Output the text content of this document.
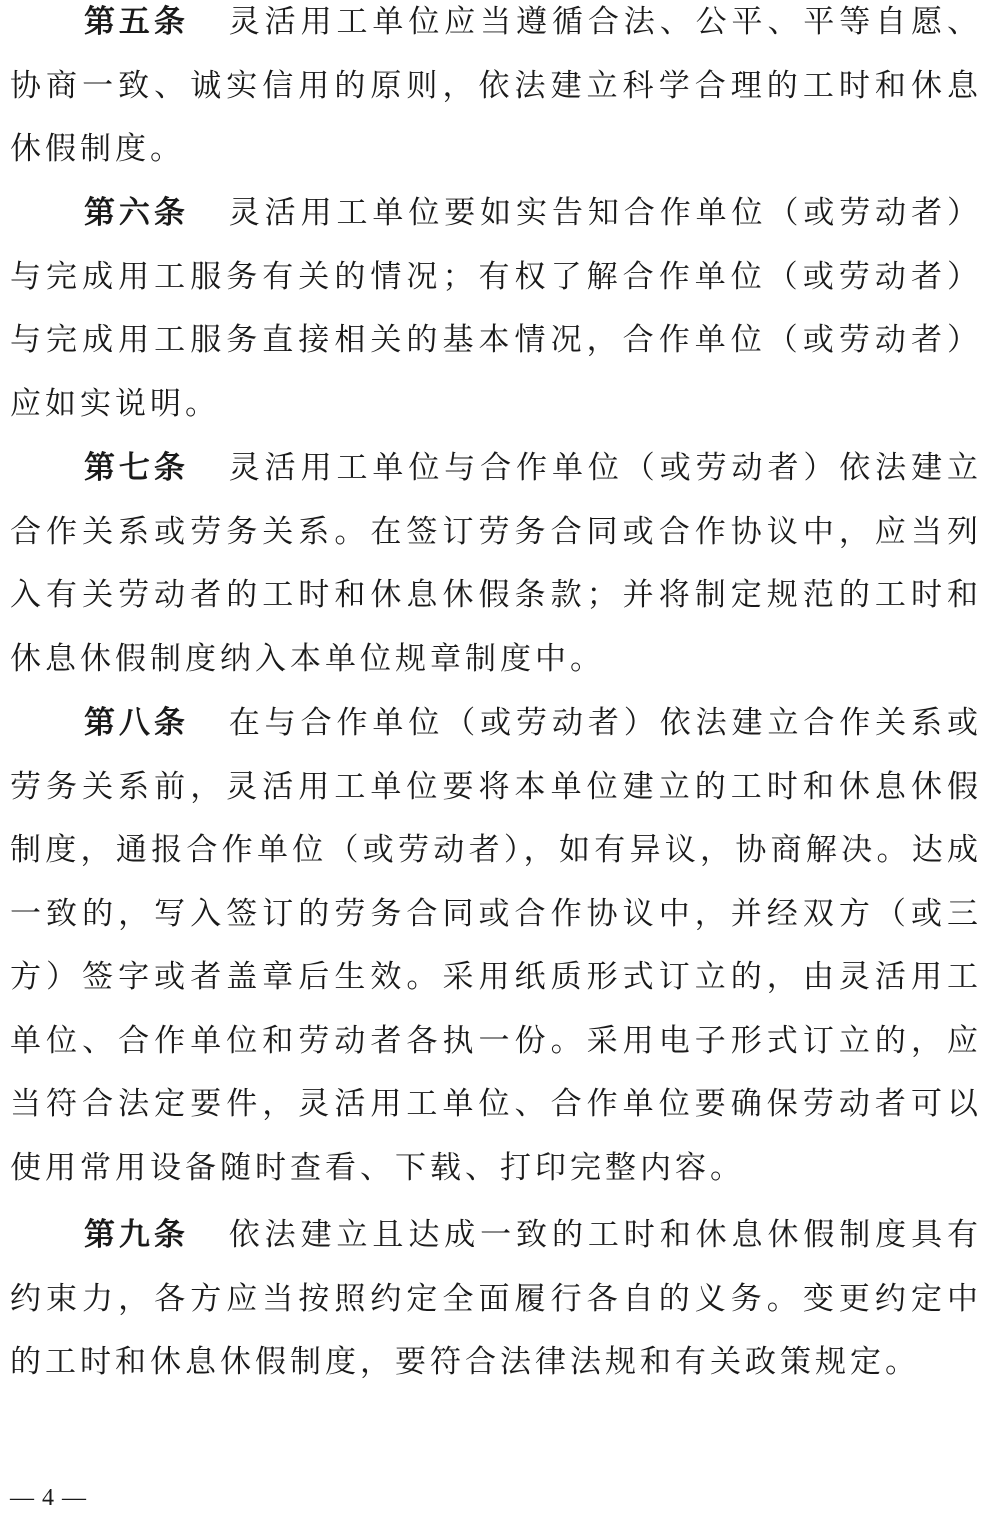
第五条 灵活用工单位应当遵循合法、公平、平等自愿、协商一致、诚实信用的原则，依法建立科学合理的工时和休息休假制度。

第六条 灵活用工单位要如实告知合作单位（或劳动者）与完成用工服务有关的情况；有权了解合作单位（或劳动者）与完成用工服务直接相关的基本情况，合作单位（或劳动者）应如实说明。

第七条 灵活用工单位与合作单位（或劳动者）依法建立合作关系或劳务关系。在签订劳务合同或合作协议中，应当列入有关劳动者的工时和休息休假条款；并将制定规范的工时和休息休假制度纳入本单位规章制度中。

第八条 在与合作单位（或劳动者）依法建立合作关系或劳务关系前，灵活用工单位要将本单位建立的工时和休息休假制度，通报合作单位（或劳动者），如有异议，协商解决。达成一致的，写入签订的劳务合同或合作协议中，并经双方（或三方）签字或者盖章后生效。采用纸质形式订立的，由灵活用工单位、合作单位和劳动者各执一份。采用电子形式订立的，应当符合法定要件，灵活用工单位、合作单位要确保劳动者可以使用常用设备随时查看、下载、打印完整内容。

第九条 依法建立且达成一致的工时和休息休假制度具有约束力，各方应当按照约定全面履行各自的义务。变更约定中的工时和休息休假制度，要符合法律法规和有关政策规定。

— 4 —
